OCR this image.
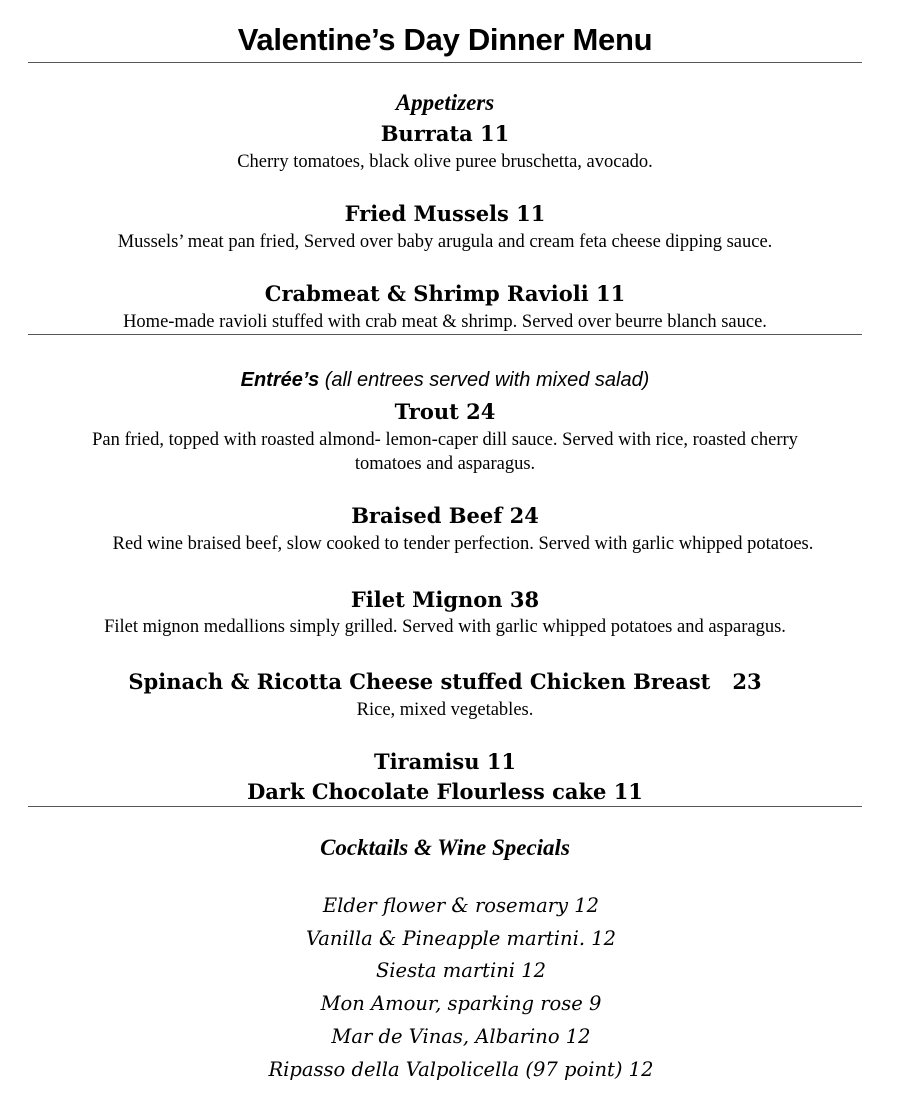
Valentine’s Day Dinner Menu
Appetizers
Burrata 11
Cherry tomatoes, black olive puree bruschetta, avocado.
Fried Mussels 11
Mussels’ meat pan fried, Served over baby arugula and cream feta cheese dipping sauce.
Crabmeat & Shrimp Ravioli 11
Home-made ravioli stuffed with crab meat & shrimp. Served over beurre blanch sauce.
Entrée’s (all entrees served with mixed salad)
Trout 24
Pan fried, topped with roasted almond- lemon-caper dill sauce. Served with rice, roasted cherry
tomatoes and asparagus.
Braised Beef 24
Red wine braised beef, slow cooked to tender perfection. Served with garlic whipped potatoes.
Filet Mignon 38
Filet mignon medallions simply grilled. Served with garlic whipped potatoes and asparagus.
Spinach & Ricotta Cheese stuffed Chicken Breast 23
Rice, mixed vegetables.
Tiramisu 11
Dark Chocolate Flourless cake 11
Cocktails & Wine Specials
Elder flower & rosemary 12
Vanilla & Pineapple martini. 12
Siesta martini 12
Mon Amour, sparking rose 9
Mar de Vinas, Albarino 12
Ripasso della Valpolicella (97 point) 12
